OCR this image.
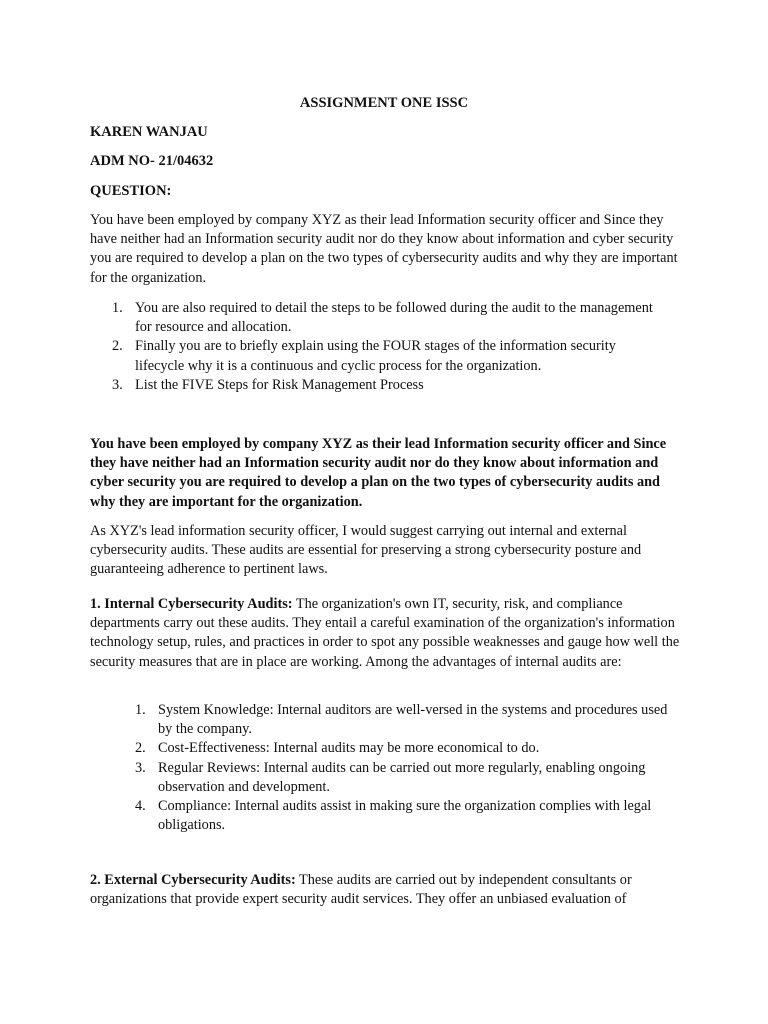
ASSIGNMENT ONE ISSC
KAREN WANJAU
ADM NO- 21/04632
QUESTION:

You have been employed by company XYZ as their lead Information security officer and Since they have neither had an Information security audit nor do they know about information and cyber security you are required to develop a plan on the two types of cybersecurity audits and why they are important for the organization.

1. You are also required to detail the steps to be followed during the audit to the management for resource and allocation.
2. Finally you are to briefly explain using the FOUR stages of the information security lifecycle why it is a continuous and cyclic process for the organization.
3. List the FIVE Steps for Risk Management Process

You have been employed by company XYZ as their lead Information security officer and Since they have neither had an Information security audit nor do they know about information and cyber security you are required to develop a plan on the two types of cybersecurity audits and why they are important for the organization.

As XYZ's lead information security officer, I would suggest carrying out internal and external cybersecurity audits. These audits are essential for preserving a strong cybersecurity posture and guaranteeing adherence to pertinent laws.

1. Internal Cybersecurity Audits: The organization's own IT, security, risk, and compliance departments carry out these audits. They entail a careful examination of the organization's information technology setup, rules, and practices in order to spot any possible weaknesses and gauge how well the security measures that are in place are working. Among the advantages of internal audits are:

1. System Knowledge: Internal auditors are well-versed in the systems and procedures used by the company.
2. Cost-Effectiveness: Internal audits may be more economical to do.
3. Regular Reviews: Internal audits can be carried out more regularly, enabling ongoing observation and development.
4. Compliance: Internal audits assist in making sure the organization complies with legal obligations.

2. External Cybersecurity Audits: These audits are carried out by independent consultants or organizations that provide expert security audit services. They offer an unbiased evaluation of
